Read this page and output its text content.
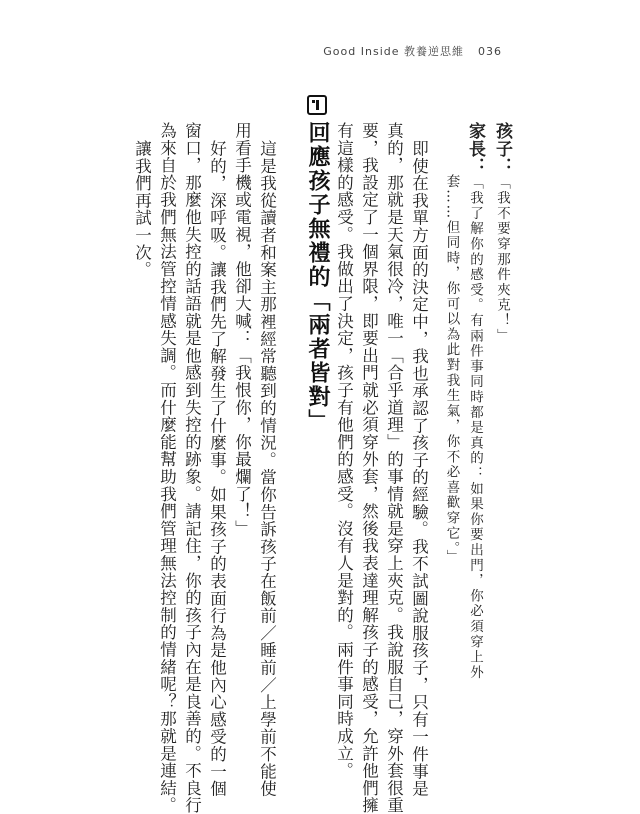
Good Inside 教養逆思維 036
孩子：「我不要穿那件夾克！」
家長：「我了解你的感受。有兩件事同時都是真的：如果你要出門，你必須穿上外
套……但同時，你可以為此對我生氣，你不必喜歡穿它。」
即使在我單方面的決定中，我也承認了孩子的經驗。我不試圖說服孩子，只有一件事是
真的，那就是天氣很冷，唯一「合乎道理」的事情就是穿上夾克。我說服自己，穿外套很重
要，我設定了一個界限，即要出門就必須穿外套，然後我表達理解孩子的感受，允許他們擁
有這樣的感受。我做出了決定，孩子有他們的感受。沒有人是對的。兩件事同時成立。
回應孩子無禮的「兩者皆對」
這是我從讀者和案主那裡經常聽到的情況。當你告訴孩子在飯前／睡前／上學前不能使
用看手機或電視，他卻大喊：「我恨你，你最爛了！」
好的，深呼吸。讓我們先了解發生了什麼事。如果孩子的表面行為是他內心感受的一個
窗口，那麼他失控的話語就是他感到失控的跡象。請記住，你的孩子內在是良善的。不良行
為來自於我們無法管控情感失調。而什麼能幫助我們管理無法控制的情緒呢？那就是連結。
讓我們再試一次。
